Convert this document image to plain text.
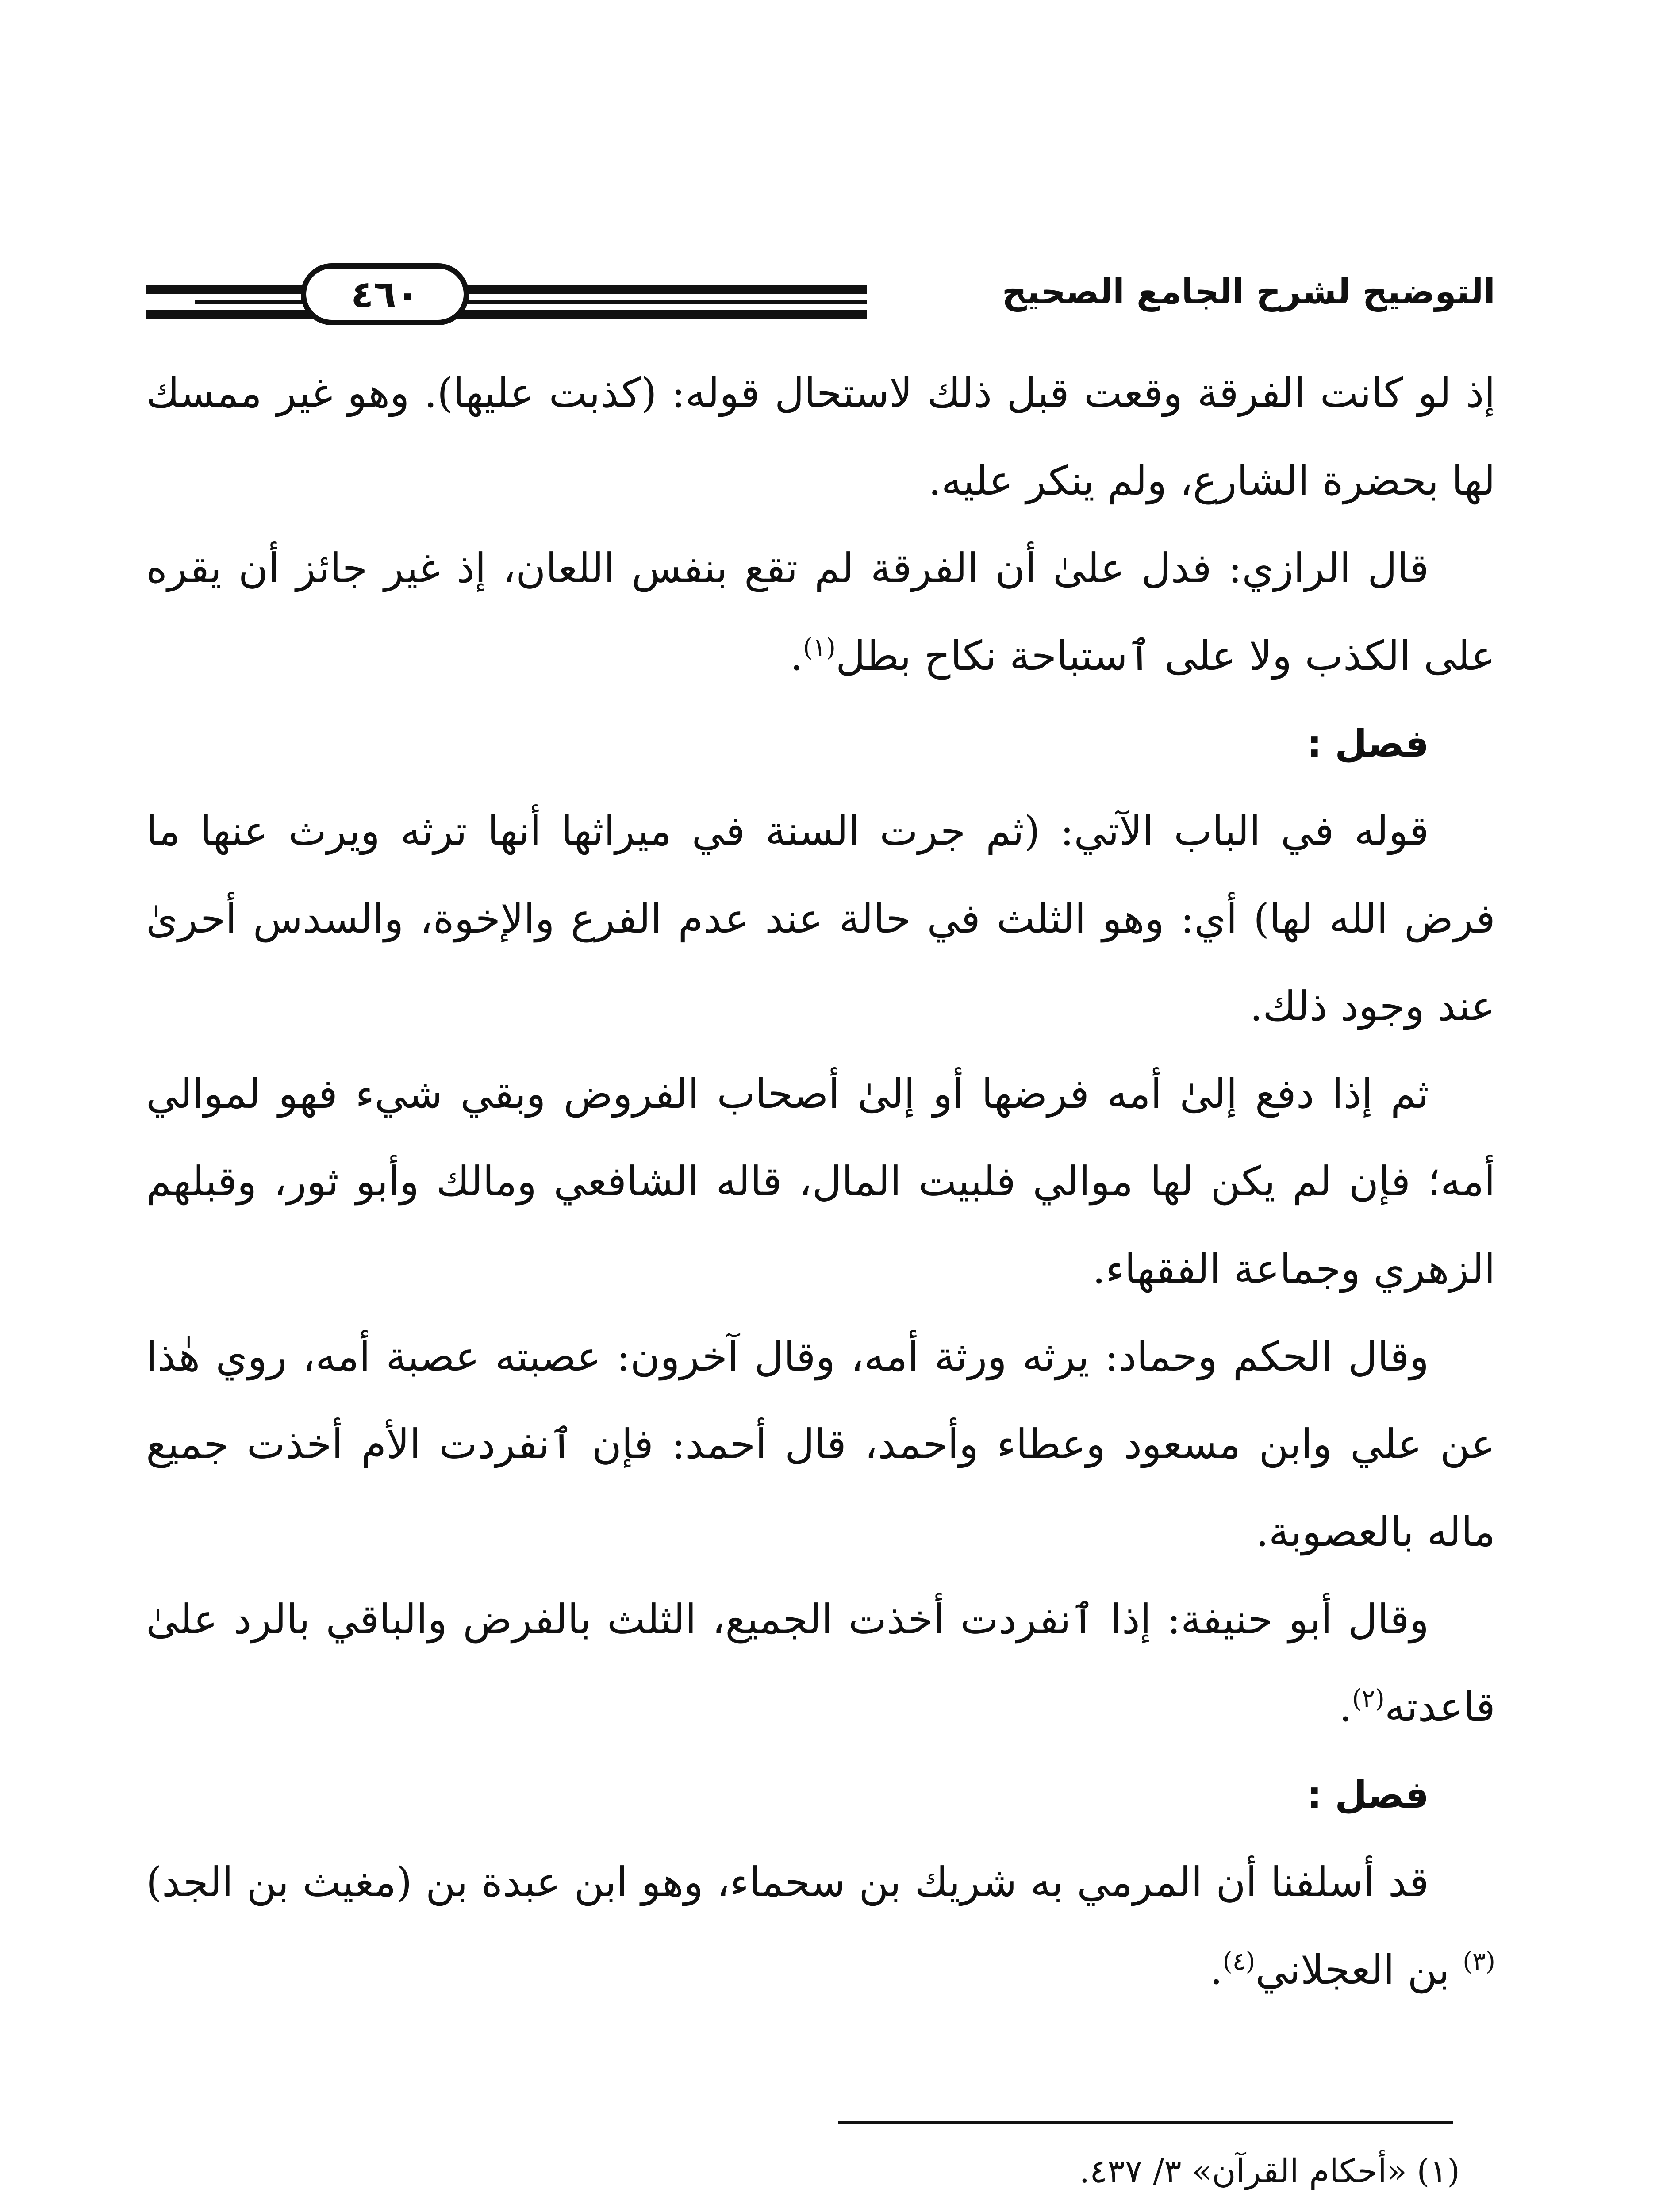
التوضيح لشرح الجامع الصحيح
٤٦٠

إذ لو كانت الفرقة وقعت قبل ذلك لاستحال قوله: (كذبت عليها). وهو غير ممسك لها بحضرة الشارع، ولم ينكر عليه.

قال الرازي: فدل علىٰ أن الفرقة لم تقع بنفس اللعان، إذ غير جائز أن يقره على الكذب ولا على ٱستباحة نكاح بطل$^{(١)}$.

فصل :

قوله في الباب الآتي: (ثم جرت السنة في ميراثها أنها ترثه ويرث عنها ما فرض الله لها) أي: وهو الثلث في حالة عند عدم الفرع والإخوة، والسدس أحرىٰ عند وجود ذلك.

ثم إذا دفع إلىٰ أمه فرضها أو إلىٰ أصحاب الفروض وبقي شيء فهو لموالي أمه؛ فإن لم يكن لها موالي فلبيت المال، قاله الشافعي ومالك وأبو ثور، وقبلهم الزهري وجماعة الفقهاء.

وقال الحكم وحماد: يرثه ورثة أمه، وقال آخرون: عصبته عصبة أمه، روي هٰذا عن علي وابن مسعود وعطاء وأحمد، قال أحمد: فإن ٱنفردت الأم أخذت جميع ماله بالعصوبة.

وقال أبو حنيفة: إذا ٱنفردت أخذت الجميع، الثلث بالفرض والباقي بالرد علىٰ قاعدته$^{(٢)}$.

فصل :

قد أسلفنا أن المرمي به شريك بن سحماء، وهو ابن عبدة بن (مغيث بن الجد)$^{(٣)}$ بن العجلاني$^{(٤)}$.

(١)«أحكام القرآن» ٣/ ٤٣٧.
